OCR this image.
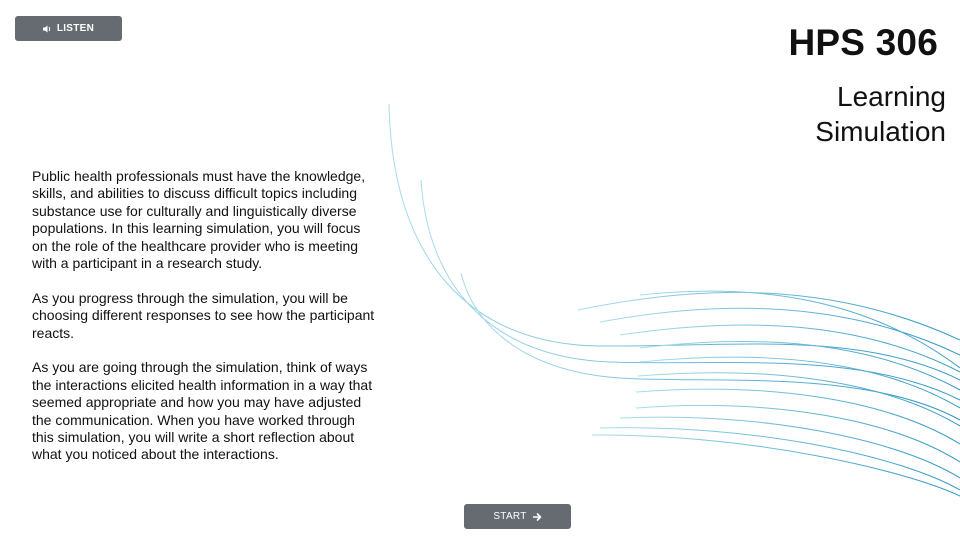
LISTEN	HPS 306
Learning
Simulation

Public health professionals must have the knowledge, skills, and abilities to discuss difficult topics including substance use for culturally and linguistically diverse populations. In this learning simulation, you will focus on the role of the healthcare provider who is meeting with a participant in a research study.

As you progress through the simulation, you will be choosing different responses to see how the participant reacts.

As you are going through the simulation, think of ways the interactions elicited health information in a way that seemed appropriate and how you may have adjusted the communication. When you have worked through this simulation, you will write a short reflection about what you noticed about the interactions.

START
